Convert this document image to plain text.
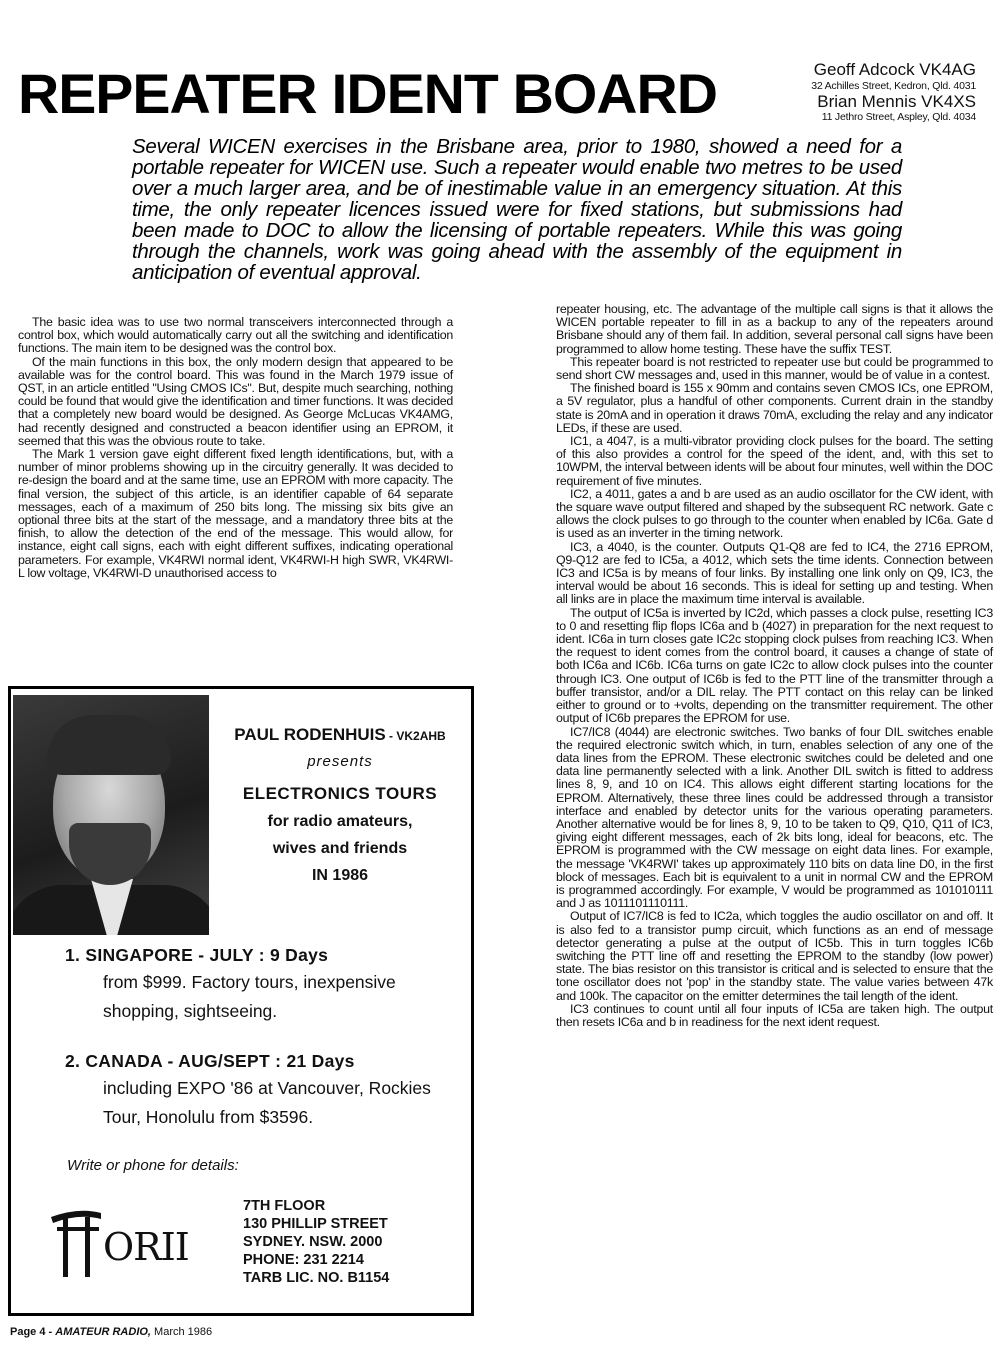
REPEATER IDENT BOARD	Geoff Adcock VK4AG
32 Achilles Street, Kedron, Qld. 4031
Brian Mennis VK4XS
11 Jethro Street, Aspley, Qld. 4034

Several WICEN exercises in the Brisbane area, prior to 1980, showed a need for a portable repeater for WICEN use. Such a repeater would enable two metres to be used over a much larger area, and be of inestimable value in an emergency situation. At this time, the only repeater licences issued were for fixed stations, but submissions had been made to DOC to allow the licensing of portable repeaters. While this was going through the channels, work was going ahead with the assembly of the equipment in anticipation of eventual approval.

The basic idea was to use two normal transceivers interconnected through a control box, which would automatically carry out all the switching and identification functions. The main item to be designed was the control box.

Of the main functions in this box, the only modern design that appeared to be available was for the control board. This was found in the March 1979 issue of QST, in an article entitled "Using CMOS ICs". But, despite much searching, nothing could be found that would give the identification and timer functions. It was decided that a completely new board would be designed. As George McLucas VK4AMG, had recently designed and constructed a beacon identifier using an EPROM, it seemed that this was the obvious route to take.

The Mark 1 version gave eight different fixed length identifications, but, with a number of minor problems showing up in the circuitry generally. It was decided to re-design the board and at the same time, use an EPROM with more capacity. The final version, the subject of this article, is an identifier capable of 64 separate messages, each of a maximum of 250 bits long. The missing six bits give an optional three bits at the start of the message, and a mandatory three bits at the finish, to allow the detection of the end of the message. This would allow, for instance, eight call signs, each with eight different suffixes, indicating operational parameters. For example, VK4RWI normal ident, VK4RWI-H high SWR, VK4RWI-L low voltage, VK4RWI-D unauthorised access to

repeater housing, etc. The advantage of the multiple call signs is that it allows the WICEN portable repeater to fill in as a backup to any of the repeaters around Brisbane should any of them fail. In addition, several personal call signs have been programmed to allow home testing. These have the suffix TEST.

This repeater board is not restricted to repeater use but could be programmed to send short CW messages and, used in this manner, would be of value in a contest.

The finished board is 155 x 90mm and contains seven CMOS ICs, one EPROM, a 5V regulator, plus a handful of other components. Current drain in the standby state is 20mA and in operation it draws 70mA, excluding the relay and any indicator LEDs, if these are used.

IC1, a 4047, is a multi-vibrator providing clock pulses for the board. The setting of this also provides a control for the speed of the ident, and, with this set to 10WPM, the interval between idents will be about four minutes, well within the DOC requirement of five minutes.

IC2, a 4011, gates a and b are used as an audio oscillator for the CW ident, with the square wave output filtered and shaped by the subsequent RC network. Gate c allows the clock pulses to go through to the counter when enabled by IC6a. Gate d is used as an inverter in the timing network.

IC3, a 4040, is the counter. Outputs Q1-Q8 are fed to IC4, the 2716 EPROM, Q9-Q12 are fed to IC5a, a 4012, which sets the time idents. Connection between IC3 and IC5a is by means of four links. By installing one link only on Q9, IC3, the interval would be about 16 seconds. This is ideal for setting up and testing. When all links are in place the maximum time interval is available.

The output of IC5a is inverted by IC2d, which passes a clock pulse, resetting IC3 to 0 and resetting flip flops IC6a and b (4027) in preparation for the next request to ident. IC6a in turn closes gate IC2c stopping clock pulses from reaching IC3. When the request to ident comes from the control board, it causes a change of state of both IC6a and IC6b. IC6a turns on gate IC2c to allow clock pulses into the counter through IC3. One output of IC6b is fed to the PTT line of the transmitter through a buffer transistor, and/or a DIL relay. The PTT contact on this relay can be linked either to ground or to +volts, depending on the transmitter requirement. The other output of IC6b prepares the EPROM for use.

IC7/IC8 (4044) are electronic switches. Two banks of four DIL switches enable the required electronic switch which, in turn, enables selection of any one of the data lines from the EPROM. These electronic switches could be deleted and one data line permanently selected with a link. Another DIL switch is fitted to address lines 8, 9, and 10 on IC4. This allows eight different starting locations for the EPROM. Alternatively, these three lines could be addressed through a transistor interface and enabled by detector units for the various operating parameters. Another alternative would be for lines 8, 9, 10 to be taken to Q9, Q10, Q11 of IC3, giving eight different messages, each of 2k bits long, ideal for beacons, etc. The EPROM is programmed with the CW message on eight data lines. For example, the message 'VK4RWI' takes up approximately 110 bits on data line D0, in the first block of messages. Each bit is equivalent to a unit in normal CW and the EPROM is programmed accordingly. For example, V would be programmed as 101010111 and J as 1011101110111.

Output of IC7/IC8 is fed to IC2a, which toggles the audio oscillator on and off. It is also fed to a transistor pump circuit, which functions as an end of message detector generating a pulse at the output of IC5b. This in turn toggles IC6b switching the PTT line off and resetting the EPROM to the standby (low power) state. The bias resistor on this transistor is critical and is selected to ensure that the tone oscillator does not 'pop' in the standby state. The value varies between 47k and 100k. The capacitor on the emitter determines the tail length of the ident.

IC3 continues to count until all four inputs of IC5a are taken high. The output then resets IC6a and b in readiness for the next ident request.

PAUL RODENHUIS - VK2AHB
presents
ELECTRONICS TOURS
for radio amateurs,
wives and friends
IN 1986
1. SINGAPORE - JULY : 9 Days
from $999. Factory tours, inexpensive shopping, sightseeing.
2. CANADA - AUG/SEPT : 21 Days
including EXPO '86 at Vancouver, Rockies Tour, Honolulu from $3596.
Write or phone for details:
ORII
7TH FLOOR
130 PHILLIP STREET
SYDNEY. NSW. 2000
PHONE: 231 2214
TARB LIC. NO. B1154
Page 4 - AMATEUR RADIO, March 1986
